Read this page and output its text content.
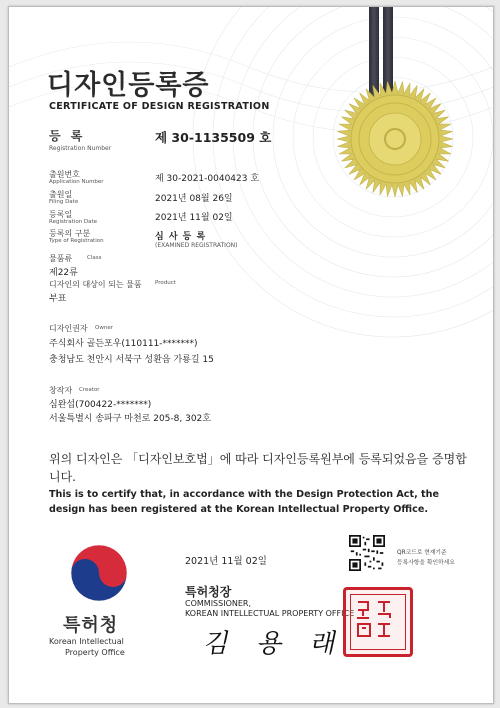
디자인등록증
CERTIFICATE OF DESIGN REGISTRATION
등 록
Registration Number
제 30-1135509 호
출원번호
Application Number	제 30-2021-0040423 호
출원일
Filing Date	2021년 08월 26일
등록일
Registration Date	2021년 11월 02일
등록의 구분
Type of Registration	심 사 등 록
(EXAMINED REGISTRATION)
물품류	Class
제22류
디자인의 대상이 되는 물품 Product
부표
디자인권자 Owner
주식회사 골든포우(110111-*******)
충청남도 천안시 서북구 성환읍 가룡길 15
창작자 Creator
심완섭(700422-*******)
서울특별시 송파구 마천로 205-8, 302호
위의 디자인은 「디자인보호법」에 따라 디자인등록원부에 등록되었음을 증명합니다.
This is to certify that, in accordance with the Design Protection Act, the design has been registered at the Korean Intellectual Property Office.
특허청
Korean Intellectual
Property Office
2021년 11월 02일
특허청장
COMMISSIONER,
KOREAN INTELLECTUAL PROPERTY OFFICE
김 용 래
QR코드로 현재기준
등록사항을 확인하세요
